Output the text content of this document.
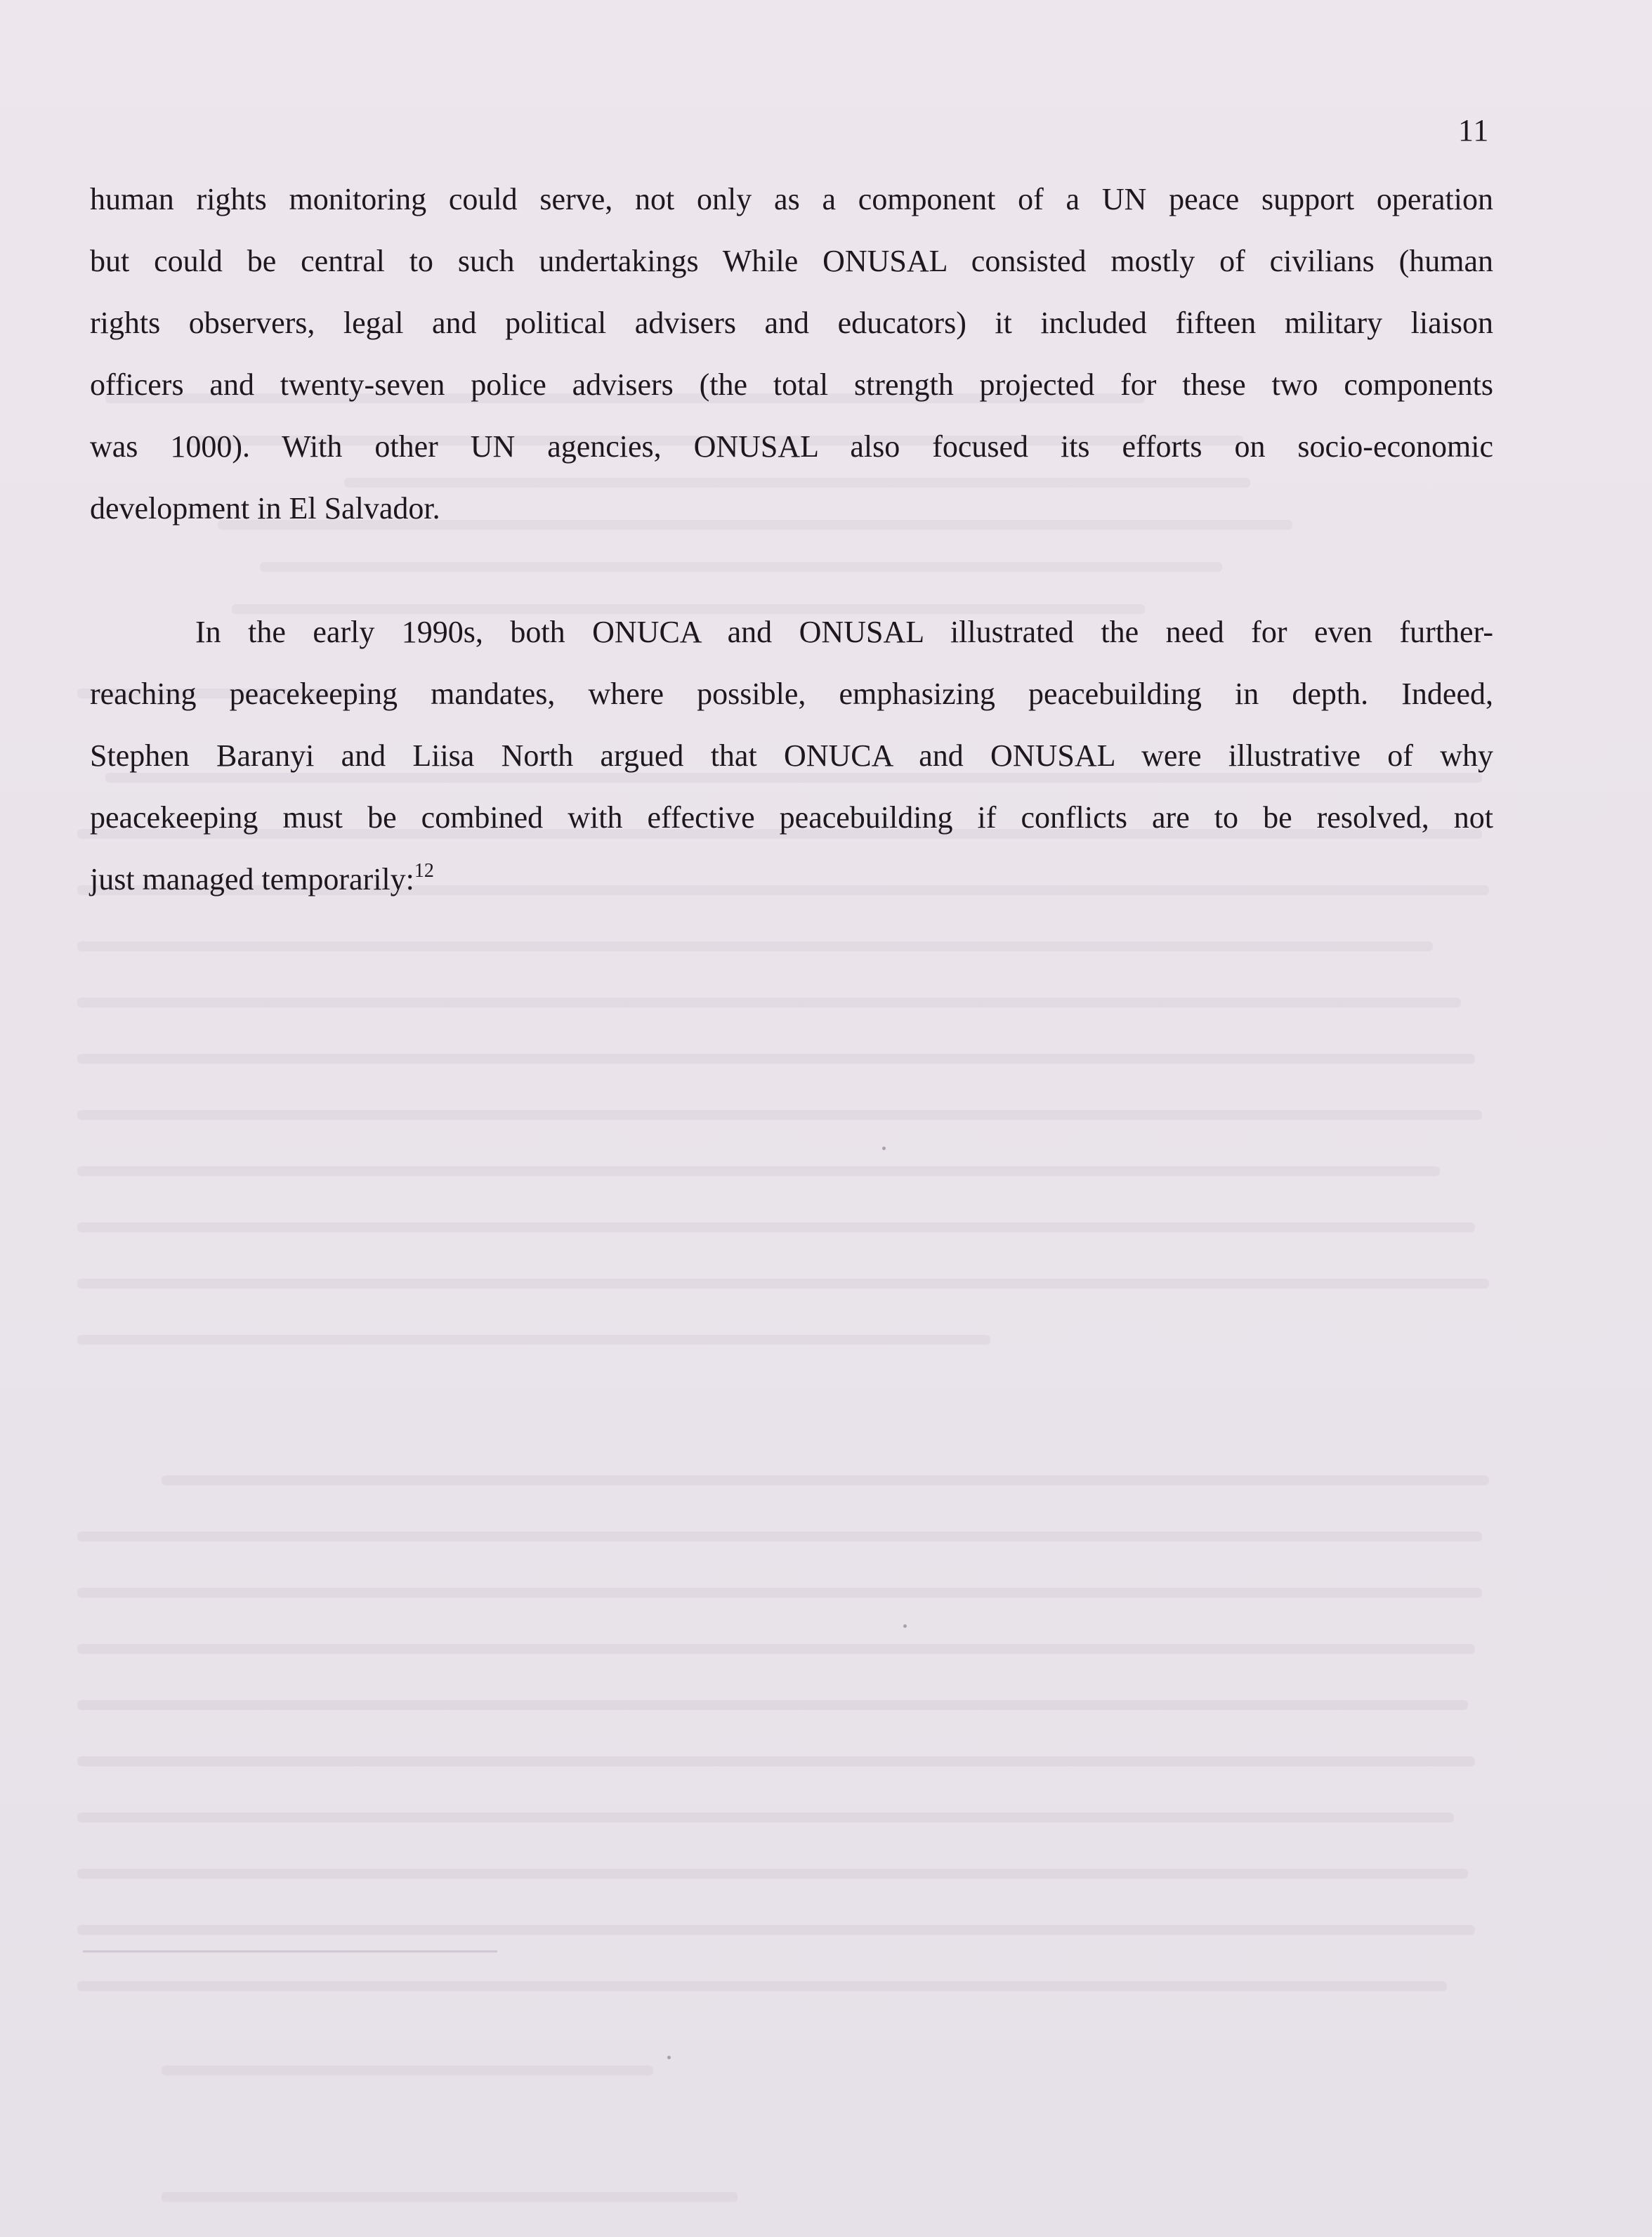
11
human rights monitoring could serve, not only as a component of a UN peace support operation
but could be central to such undertakings While ONUSAL consisted mostly of civilians (human
rights observers, legal and political advisers and educators) it included fifteen military liaison
officers and twenty-seven police advisers (the total strength projected for these two components
was 1000). With other UN agencies, ONUSAL also focused its efforts on socio-economic
development in El Salvador.
In the early 1990s, both ONUCA and ONUSAL illustrated the need for even further-
reaching peacekeeping mandates, where possible, emphasizing peacebuilding in depth. Indeed,
Stephen Baranyi and Liisa North argued that ONUCA and ONUSAL were illustrative of why
peacekeeping must be combined with effective peacebuilding if conflicts are to be resolved, not
just managed temporarily:$^{12}$
